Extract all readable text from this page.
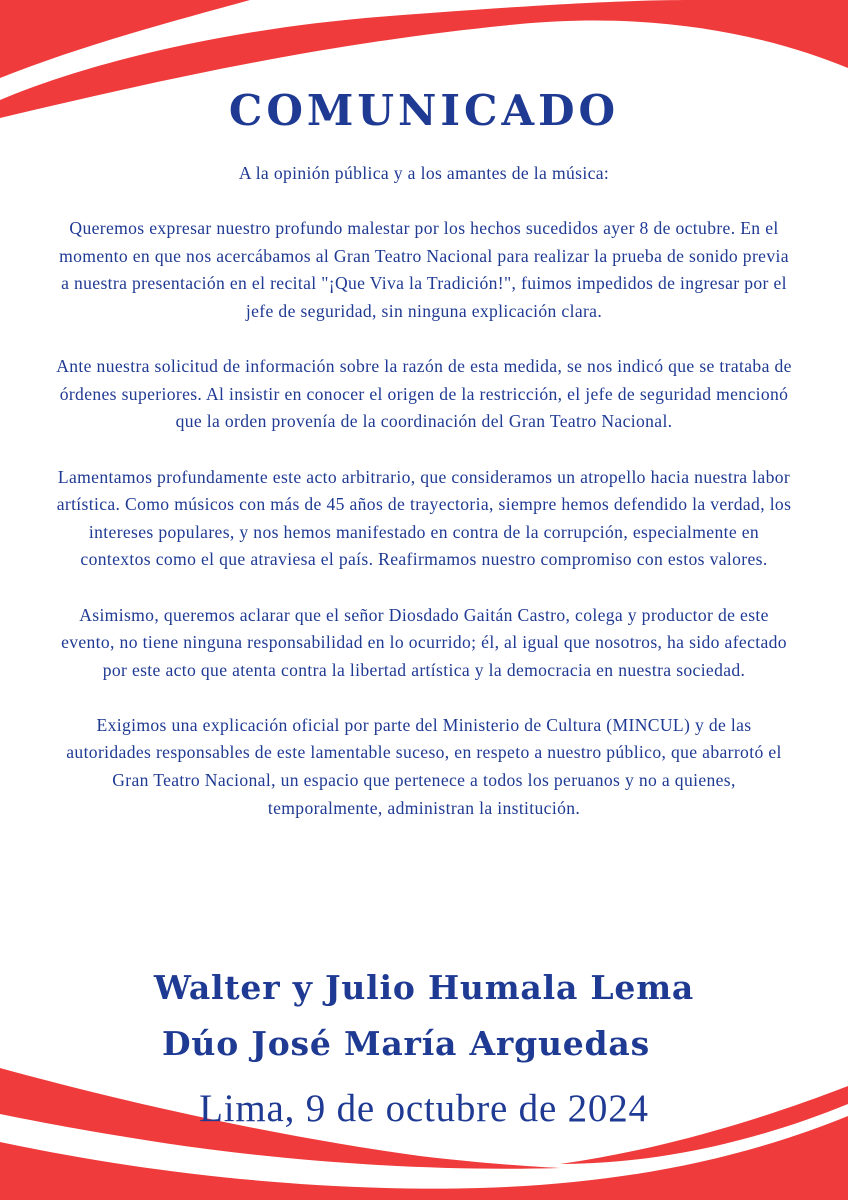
COMUNICADO

A la opinión pública y a los amantes de la música:

Queremos expresar nuestro profundo malestar por los hechos sucedidos ayer 8 de octubre. En el momento en que nos acercábamos al Gran Teatro Nacional para realizar la prueba de sonido previa a nuestra presentación en el recital "¡Que Viva la Tradición!", fuimos impedidos de ingresar por el jefe de seguridad, sin ninguna explicación clara.

Ante nuestra solicitud de información sobre la razón de esta medida, se nos indicó que se trataba de órdenes superiores. Al insistir en conocer el origen de la restricción, el jefe de seguridad mencionó que la orden provenía de la coordinación del Gran Teatro Nacional.

Lamentamos profundamente este acto arbitrario, que consideramos un atropello hacia nuestra labor artística. Como músicos con más de 45 años de trayectoria, siempre hemos defendido la verdad, los intereses populares, y nos hemos manifestado en contra de la corrupción, especialmente en contextos como el que atraviesa el país. Reafirmamos nuestro compromiso con estos valores.

Asimismo, queremos aclarar que el señor Diosdado Gaitán Castro, colega y productor de este evento, no tiene ninguna responsabilidad en lo ocurrido; él, al igual que nosotros, ha sido afectado por este acto que atenta contra la libertad artística y la democracia en nuestra sociedad.

Exigimos una explicación oficial por parte del Ministerio de Cultura (MINCUL) y de las autoridades responsables de este lamentable suceso, en respeto a nuestro público, que abarrotó el Gran Teatro Nacional, un espacio que pertenece a todos los peruanos y no a quienes, temporalmente, administran la institución.

Walter y Julio Humala Lema
Dúo José María Arguedas
Lima, 9 de octubre de 2024
